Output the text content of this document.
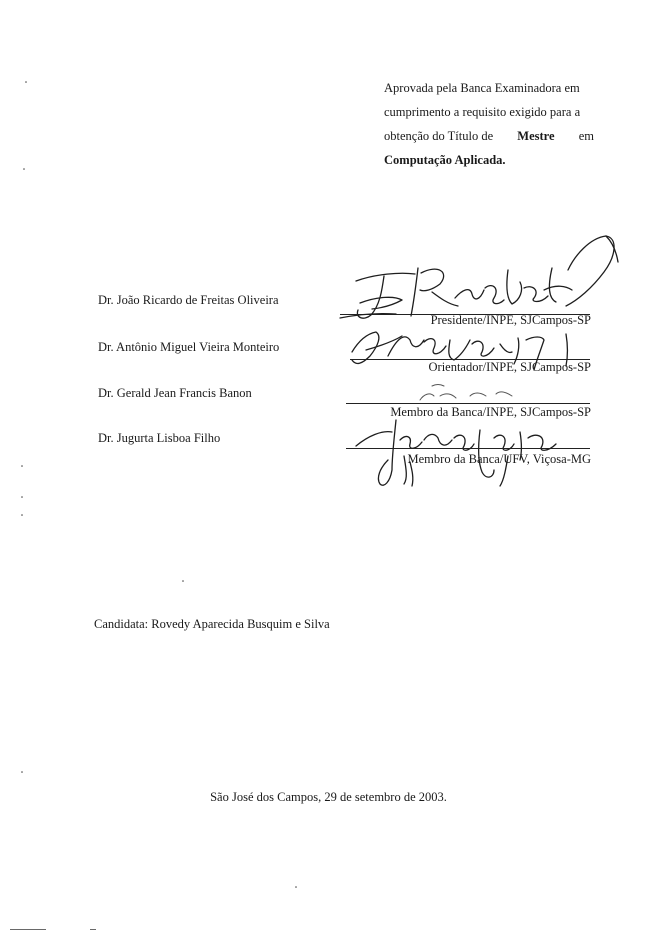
Aprovada pela Banca Examinadora em
cumprimento a requisito exigido para a
obtenção do Título de Mestre em
Computação Aplicada.
Dr. João Ricardo de Freitas Oliveira
Presidente/INPE, SJCampos-SP
Dr. Antônio Miguel Vieira Monteiro
Orientador/INPE, SJCampos-SP
Dr. Gerald Jean Francis Banon
Membro da Banca/INPE, SJCampos-SP
Dr. Jugurta Lisboa Filho
Membro da Banca/UFV, Viçosa-MG
Candidata: Rovedy Aparecida Busquim e Silva
São José dos Campos, 29 de setembro de 2003.
